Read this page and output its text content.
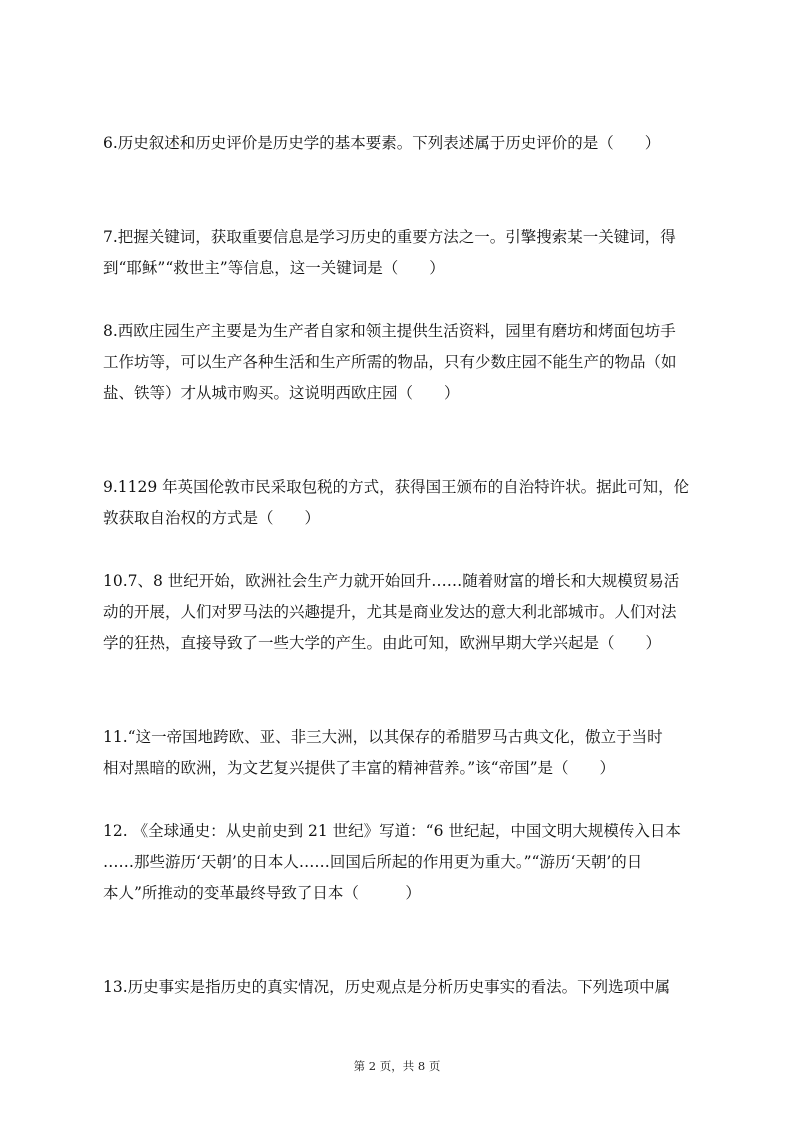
6.历史叙述和历史评价是历史学的基本要素。下列表述属于历史评价的是（　　）
7.把握关键词，获取重要信息是学习历史的重要方法之一。引擎搜索某一关键词，得
到“耶稣”“救世主”等信息，这一关键词是（　　）
8.西欧庄园生产主要是为生产者自家和领主提供生活资料，园里有磨坊和烤面包坊手
工作坊等，可以生产各种生活和生产所需的物品，只有少数庄园不能生产的物品（如
盐、铁等）才从城市购买。这说明西欧庄园（　　）
9.1129 年英国伦敦市民采取包税的方式，获得国王颁布的自治特许状。据此可知，伦
敦获取自治权的方式是（　　）
10.7、8 世纪开始，欧洲社会生产力就开始回升……随着财富的增长和大规模贸易活
动的开展，人们对罗马法的兴趣提升，尤其是商业发达的意大利北部城市。人们对法
学的狂热，直接导致了一些大学的产生。由此可知，欧洲早期大学兴起是（　　）
11.“这一帝国地跨欧、亚、非三大洲，以其保存的希腊罗马古典文化，傲立于当时
相对黑暗的欧洲，为文艺复兴提供了丰富的精神营养。”该“帝国”是（　　）
12. 《全球通史：从史前史到 21 世纪》写道：“6 世纪起，中国文明大规模传入日本
……那些游历‘天朝’的日本人……回国后所起的作用更为重大。”“游历‘天朝’的日
本人”所推动的变革最终导致了日本（　　　）
13.历史事实是指历史的真实情况，历史观点是分析历史事实的看法。下列选项中属
第 2 页，共 8 页
